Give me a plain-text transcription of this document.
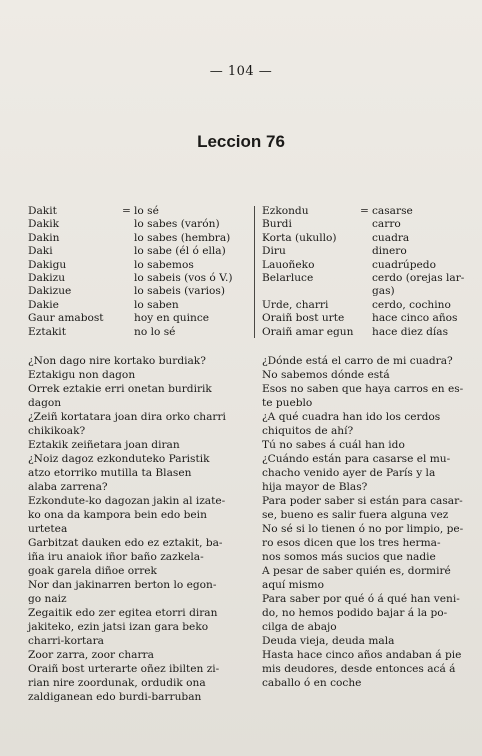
— 104 —
Leccion 76
Dakit	= lo sé
Dakik	lo sabes (varón)
Dakin	lo sabes (hembra)
Daki	lo sabe (él ó ella)
Dakigu	lo sabemos
Dakizu	lo sabeis (vos ó V.)
Dakizue	lo sabeis (varios)
Dakie	lo saben
Gaur amabost	hoy en quince
Eztakit	no lo sé
Ezkondu	= casarse
Burdi	carro
Korta (ukullo)	cuadra
Diru	dinero
Lauoñeko	cuadrúpedo
Belarluce	cerdo (orejas lar-
gas)
Urde, charri	cerdo, cochino
Oraiñ bost urte	hace cinco años
Oraiñ amar egun	hace diez días

¿Non dago nire kortako burdiak?

Eztakigu non dagon

Orrek eztakie erri onetan burdirik
dagon

¿Zeiñ kortatara joan dira orko charri
chikikoak?

Eztakik zeiñetara joan diran

¿Noiz dagoz ezkonduteko Paristik
atzo etorriko mutilla ta Blasen
alaba zarrena?

Ezkondute-ko dagozan jakin al izate-
ko ona da kampora bein edo bein
urtetea

Garbitzat dauken edo ez eztakit, ba-
iña iru anaiok iñor baño zazkela-
goak garela diñoe orrek

Nor dan jakinarren berton lo egon-
go naiz

Zegaitik edo zer egitea etorri diran
jakiteko, ezin jatsi izan gara beko
charri-kortara

Zoor zarra, zoor charra

Oraiñ bost urterarte oñez ibilten zi-
rian nire zoordunak, ordudik ona
zaldiganean edo burdi-barruban

¿Dónde está el carro de mi cuadra?

No sabemos dónde está

Esos no saben que haya carros en es-
te pueblo

¿A qué cuadra han ido los cerdos
chiquitos de ahí?

Tú no sabes á cuál han ido

¿Cuándo están para casarse el mu-
chacho venido ayer de París y la
hija mayor de Blas?

Para poder saber si están para casar-
se, bueno es salir fuera alguna vez

No sé si lo tienen ó no por limpio, pe-
ro esos dicen que los tres herma-
nos somos más sucios que nadie

A pesar de saber quién es, dormiré
aquí mismo

Para saber por qué ó á qué han veni-
do, no hemos podido bajar á la po-
cilga de abajo

Deuda vieja, deuda mala

Hasta hace cinco años andaban á pie
mis deudores, desde entonces acá á
caballo ó en coche
